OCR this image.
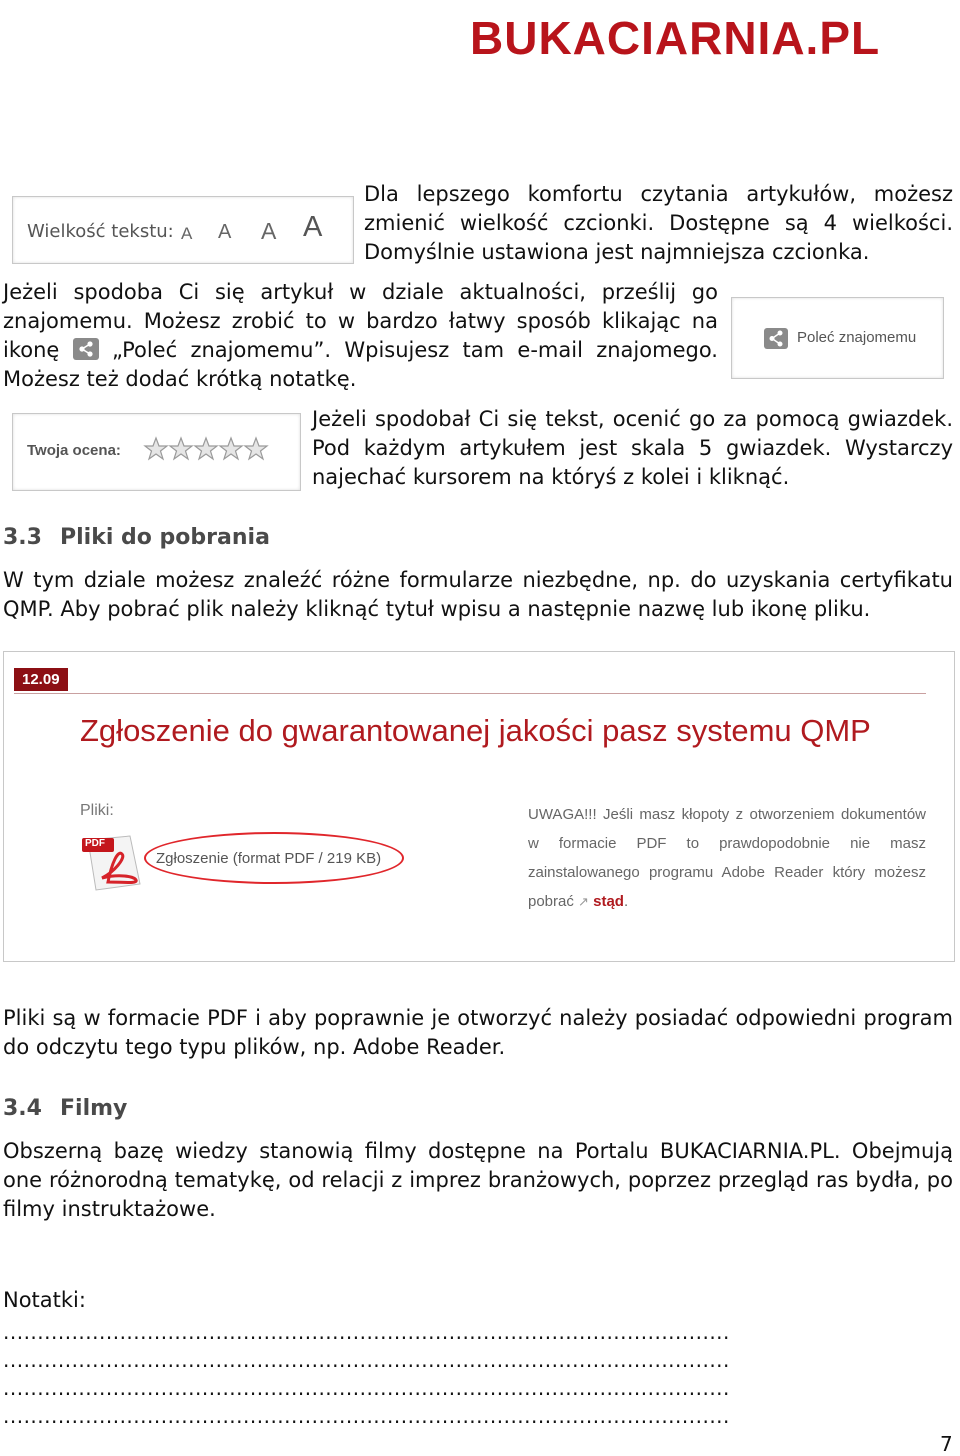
BUKACIARNIA.PL
Wielkość tekstu: A A A A

Dla lepszego komfortu czytania artykułów, możesz zmienić wielkość czcionki. Dostępne są 4 wielkości. Domyślnie ustawiona jest najmniejsza czcionka.

Jeżeli spodoba Ci się artykuł w dziale aktualności, prześlij go znajomemu. Możesz zrobić to w bardzo łatwy sposób klikając na ikonę	„Poleć znajomemu”. Wpisujesz tam e-mail znajomego. Możesz też dodać krótką notatkę.

Poleć znajomemu
Twoja ocena:

Jeżeli spodobał Ci się tekst, ocenić go za pomocą gwiazdek. Pod każdym artykułem jest skala 5 gwiazdek. Wystarczy najechać kursorem na któryś z kolei i kliknąć.

3.3 Pliki do pobrania

W tym dziale możesz znaleźć różne formularze niezbędne, np. do uzyskania certyfikatu QMP. Aby pobrać plik należy kliknąć tytuł wpisu a następnie nazwę lub ikonę pliku.

12.09
Zgłoszenie do gwarantowanej jakości pasz systemu QMP
Pliki:
PDF
Zgłoszenie (format PDF / 219 KB)
UWAGA!!! Jeśli masz kłopoty z otworzeniem dokumentów w formacie PDF to prawdopodobnie nie masz zainstalowanego programu Adobe Reader który możesz pobrać ↗ stąd.

Pliki są w formacie PDF i aby poprawnie je otworzyć należy posiadać odpowiedni program do odczytu tego typu plików, np. Adobe Reader.

3.4 Filmy

Obszerną bazę wiedzy stanowią filmy dostępne na Portalu BUKACIARNIA.PL. Obejmują one różnorodną tematykę, od relacji z imprez branżowych, poprzez przegląd ras bydła, po filmy instruktażowe.

Notatki:
..........................................................................................................
..........................................................................................................
..........................................................................................................
..........................................................................................................
7
